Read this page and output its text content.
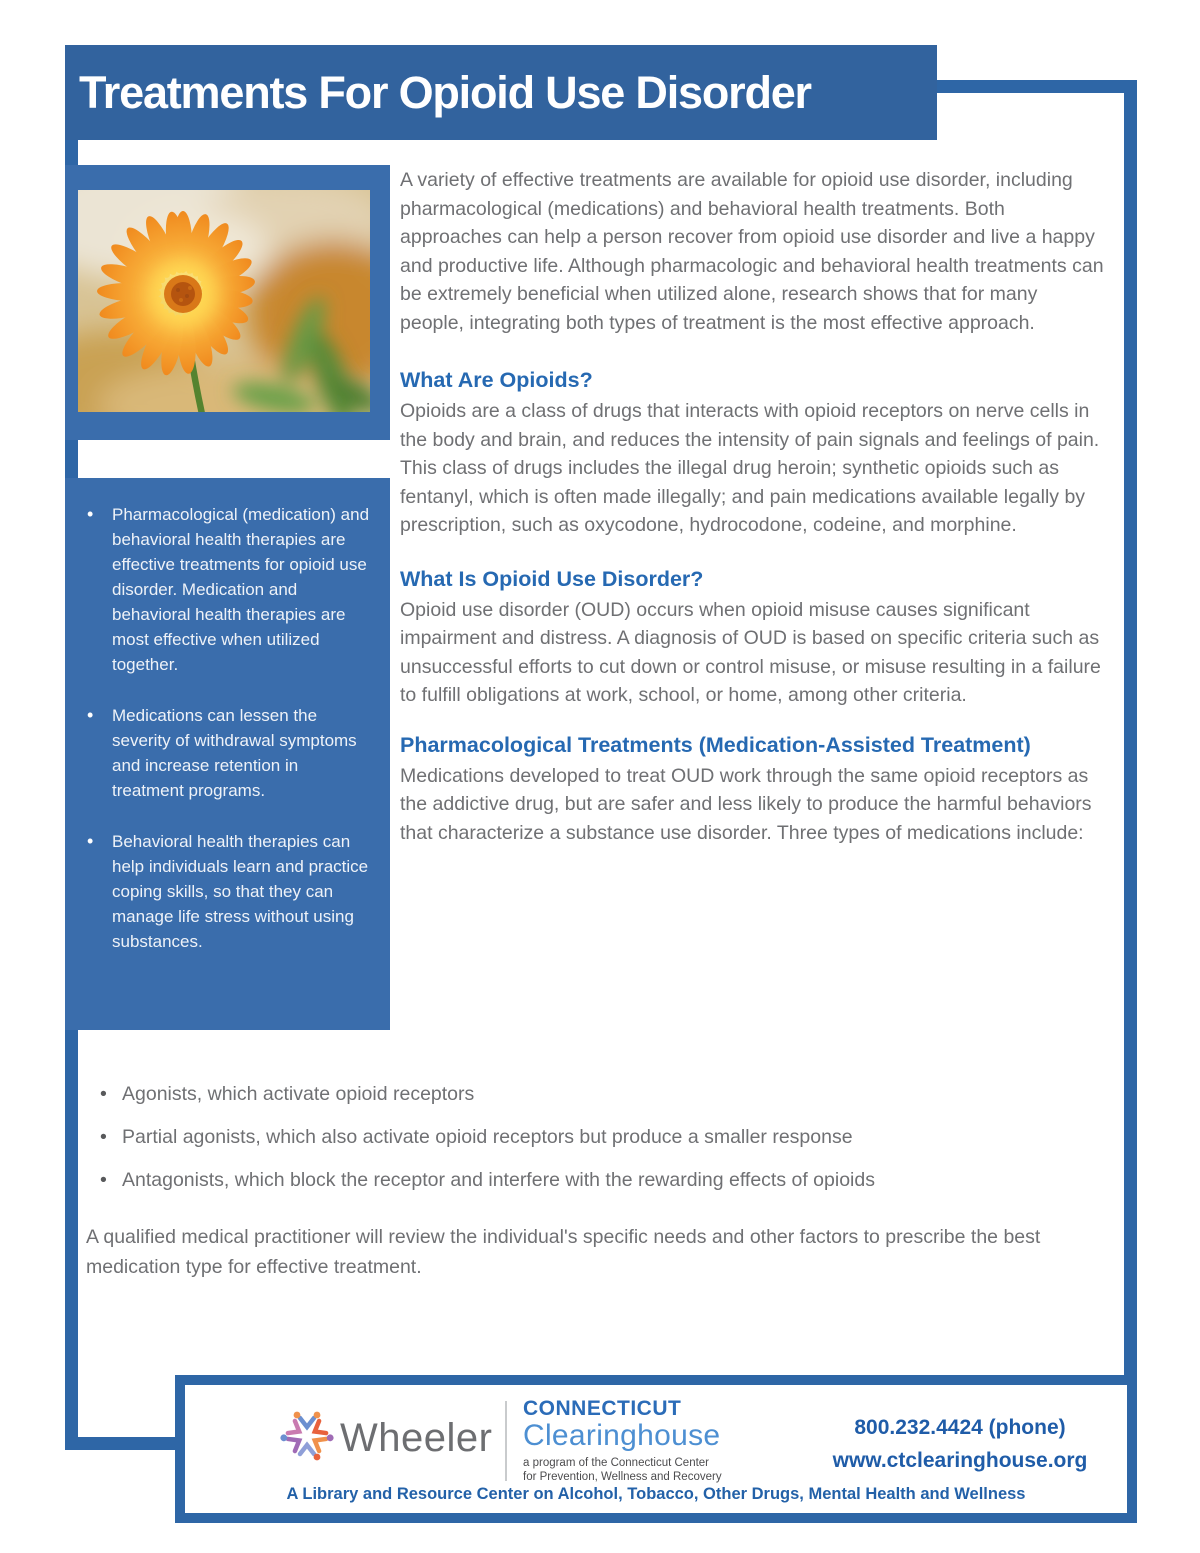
Treatments For Opioid Use Disorder
• Pharmacological (medication) and behavioral health therapies are effective treatments for opioid use disorder. Medication and behavioral health therapies are most effective when utilized together.
• Medications can lessen the severity of withdrawal symptoms and increase retention in treatment programs.
• Behavioral health therapies can help individuals learn and practice coping skills, so that they can manage life stress without using substances.

A variety of effective treatments are available for opioid use disorder, including pharmacological (medications) and behavioral health treatments. Both approaches can help a person recover from opioid use disorder and live a happy and productive life. Although pharmacologic and behavioral health treatments can be extremely beneficial when utilized alone, research shows that for many people, integrating both types of treatment is the most effective approach.

What Are Opioids?

Opioids are a class of drugs that interacts with opioid receptors on nerve cells in the body and brain, and reduces the intensity of pain signals and feelings of pain. This class of drugs includes the illegal drug heroin; synthetic opioids such as fentanyl, which is often made illegally; and pain medications available legally by prescription, such as oxycodone, hydrocodone, codeine, and morphine.

What Is Opioid Use Disorder?

Opioid use disorder (OUD) occurs when opioid misuse causes significant impairment and distress. A diagnosis of OUD is based on specific criteria such as unsuccessful efforts to cut down or control misuse, or misuse resulting in a failure to fulfill obligations at work, school, or home, among other criteria.

Pharmacological Treatments (Medication-Assisted Treatment)

Medications developed to treat OUD work through the same opioid receptors as the addictive drug, but are safer and less likely to produce the harmful behaviors that characterize a substance use disorder. Three types of medications include:

• Agonists, which activate opioid receptors
• Partial agonists, which also activate opioid receptors but produce a smaller response
• Antagonists, which block the receptor and interfere with the rewarding effects of opioids
A qualified medical practitioner will review the individual's specific needs and other factors to prescribe the best medication type for effective treatment.
Wheeler
CONNECTICUT
Clearinghouse
a program of the Connecticut Center
for Prevention, Wellness and Recovery
800.232.4424 (phone)
www.ctclearinghouse.org
A Library and Resource Center on Alcohol, Tobacco, Other Drugs, Mental Health and Wellness
